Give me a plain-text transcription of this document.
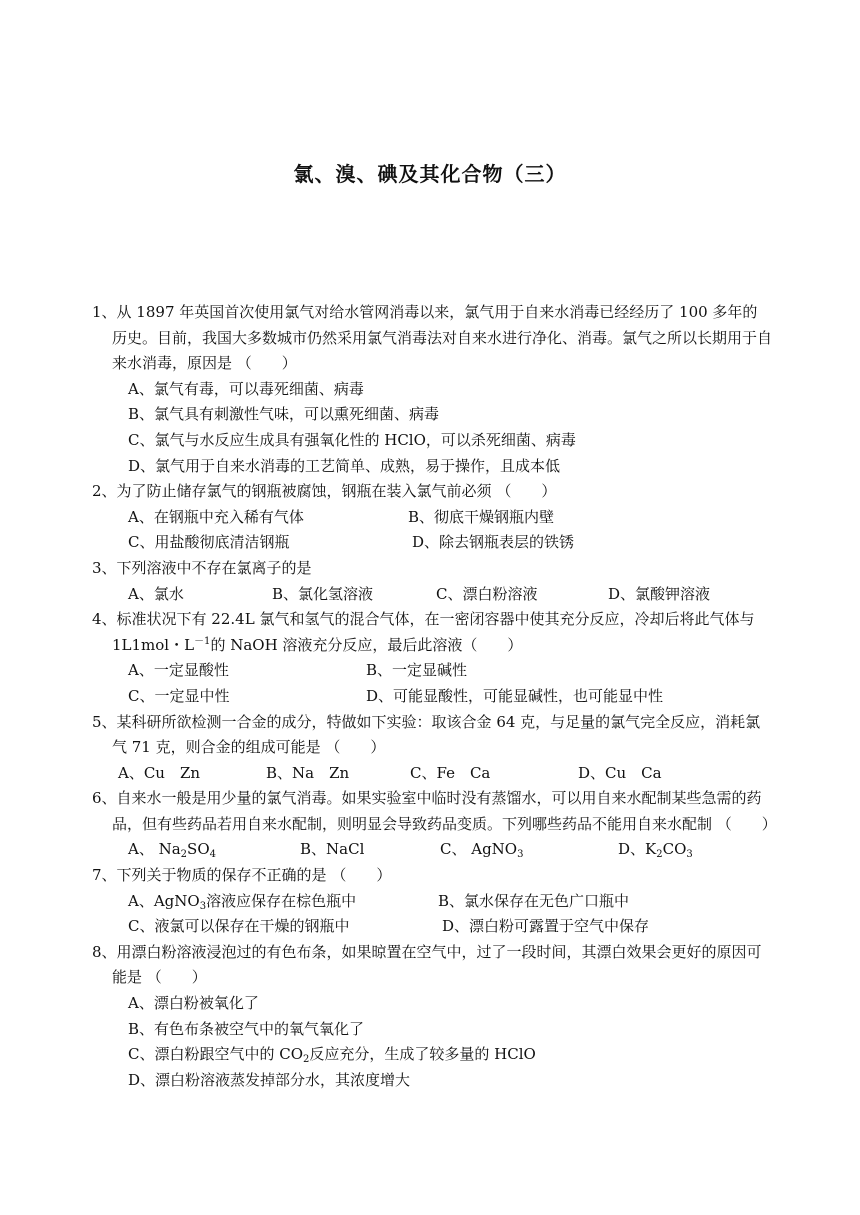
氯、溴、碘及其化合物（三）
1、从 1897 年英国首次使用氯气对给水管网消毒以来，氯气用于自来水消毒已经经历了 100 多年的历史。目前，我国大多数城市仍然采用氯气消毒法对自来水进行净化、消毒。氯气之所以长期用于自来水消毒，原因是 （　　）
A、氯气有毒，可以毒死细菌、病毒
B、氯气具有刺激性气味，可以熏死细菌、病毒
C、氯气与水反应生成具有强氧化性的 HClO，可以杀死细菌、病毒
D、氯气用于自来水消毒的工艺简单、成熟，易于操作，且成本低
2、为了防止储存氯气的钢瓶被腐蚀，钢瓶在装入氯气前必须 （　　）
A、在钢瓶中充入稀有气体	B、彻底干燥钢瓶内壁
C、用盐酸彻底清洁钢瓶	D、除去钢瓶表层的铁锈
3、下列溶液中不存在氯离子的是
A、氯水	B、氯化氢溶液	C、漂白粉溶液	D、氯酸钾溶液
4、标准状况下有 22.4L 氯气和氢气的混合气体，在一密闭容器中使其充分反应，冷却后将此气体与 1L1mol・$L^{-1}$的 NaOH 溶液充分反应，最后此溶液（　　）
A、一定显酸性	B、一定显碱性
C、一定显中性	D、可能显酸性，可能显碱性，也可能显中性
5、某科研所欲检测一合金的成分，特做如下实验：取该合金 64 克，与足量的氯气完全反应，消耗氯气 71 克，则合金的组成可能是 （　　）
A、Cu　Zn	B、Na　Zn	C、Fe　Ca	D、Cu　Ca
6、自来水一般是用少量的氯气消毒。如果实验室中临时没有蒸馏水，可以用自来水配制某些急需的药品，但有些药品若用自来水配制，则明显会导致药品变质。下列哪些药品不能用自来水配制 （　　）
A、 $Na_2SO_4$	B、NaCl	C、 AgNO$_3$	D、$K_2CO_3$
7、下列关于物质的保存不正确的是 （　　）
A、AgNO$_3$溶液应保存在棕色瓶中	B、氯水保存在无色广口瓶中
C、液氯可以保存在干燥的钢瓶中	D、漂白粉可露置于空气中保存
8、用漂白粉溶液浸泡过的有色布条，如果晾置在空气中，过了一段时间，其漂白效果会更好的原因可能是 （　　）
A、漂白粉被氧化了
B、有色布条被空气中的氧气氧化了
C、漂白粉跟空气中的 $CO_2$反应充分，生成了较多量的 HClO
D、漂白粉溶液蒸发掉部分水，其浓度增大
